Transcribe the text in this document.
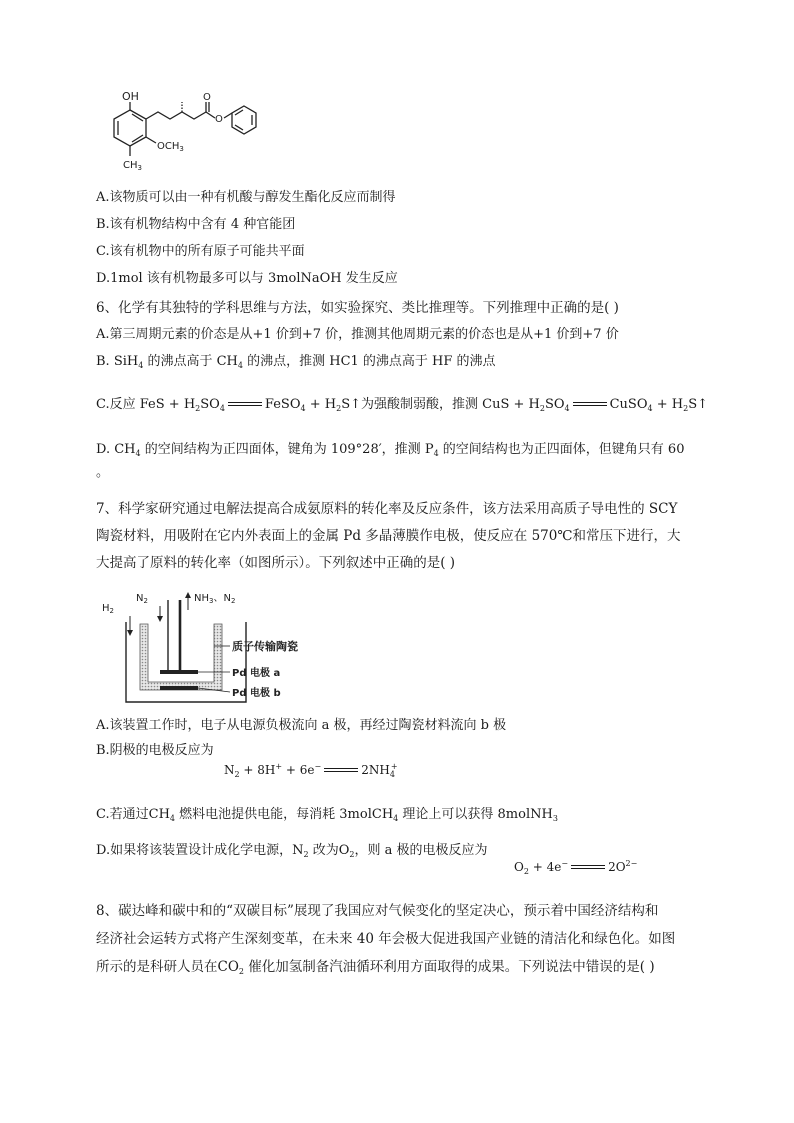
OH
$OCH_3$
$CH_3$
O
O
A.该物质可以由一种有机酸与醇发生酯化反应而制得
B.该有机物结构中含有 4 种官能团
C.该有机物中的所有原子可能共平面
D.1mol 该有机物最多可以与 3molNaOH 发生反应
6、化学有其独特的学科思维与方法，如实验探究、类比推理等。下列推理中正确的是( )
A.第三周期元素的价态是从+1 价到+7 价，推测其他周期元素的价态也是从+1 价到+7 价
B. SiH$_4$ 的沸点高于 $CH_4$ 的沸点，推测 HC1 的沸点高于 HF 的沸点
C.反应 FeS + $H_2SO_4$	FeSO$_4$ + $H_2S↑$为强酸制弱酸，推测 CuS + $H_2SO_4$	CuSO$_4$ + $H_2S↑$
D. $CH_4$ 的空间结构为正四面体，键角为 109°28′，推测 $P_4$ 的空间结构也为正四面体，但键角只有 60
。
7、科学家研究通过电解法提高合成氨原料的转化率及反应条件，该方法采用高质子导电性的 SCY
陶瓷材料，用吸附在它内外表面上的金属 Pd 多晶薄膜作电极，使反应在 570℃和常压下进行，大
大提高了原料的转化率（如图所示）。下列叙述中正确的是( )
$H_2$
$N_2$	$NH_3$、$N_2$
质子传输陶瓷
Pd 电极 a
Pd 电极 b
A.该装置工作时，电子从电源负极流向 a 极，再经过陶瓷材料流向 b 极
B.阴极的电极反应为
$N_2 + 8H^+ + 6e^-$	$2NH_4^+$
C.若通过$CH_4$ 燃料电池提供电能，每消耗 3molCH$_4$ 理论上可以获得 8molNH$_3$
D.如果将该装置设计成化学电源，$N_2$ 改为$O_2$，则 a 极的电极反应为
$O_2 + 4e^-$	$2O^{2-}$
8、碳达峰和碳中和的“双碳目标”展现了我国应对气候变化的坚定决心，预示着中国经济结构和
经济社会运转方式将产生深刻变革，在未来 40 年会极大促进我国产业链的清洁化和绿色化。如图
所示的是科研人员在$CO_2$ 催化加氢制备汽油循环利用方面取得的成果。下列说法中错误的是( )
